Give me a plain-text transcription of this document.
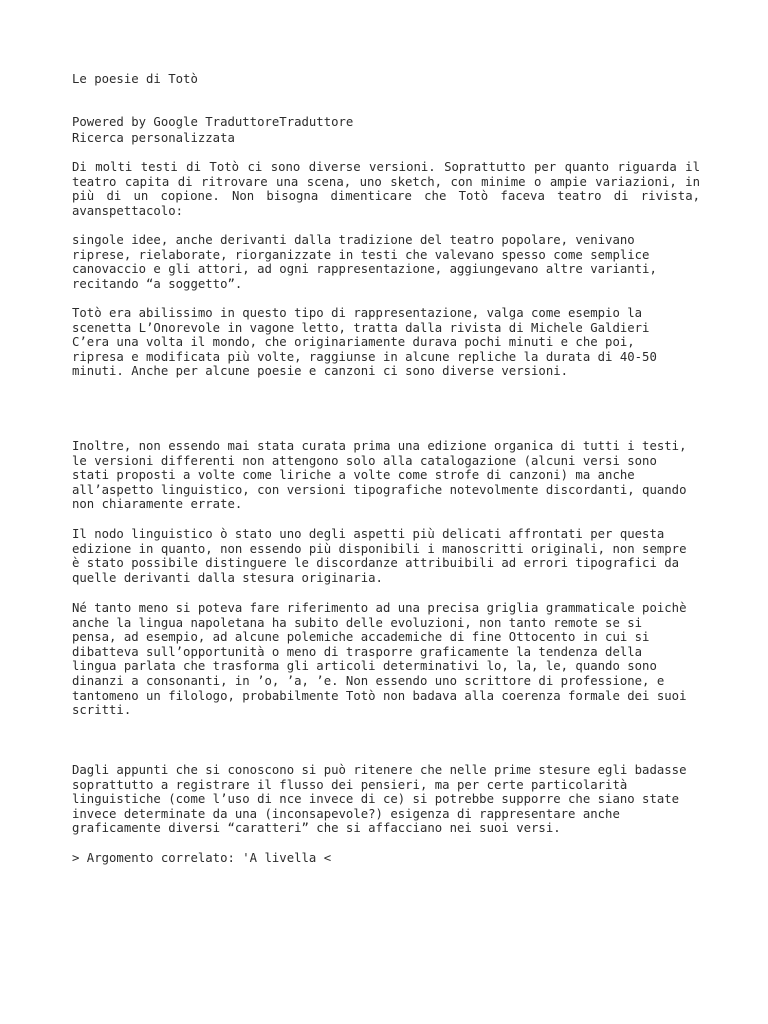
Le poesie di Totò
Powered by Google TraduttoreTraduttore
Ricerca personalizzata
Di molti testi di Totò ci sono diverse versioni. Soprattutto per quanto riguarda il
teatro capita di ritrovare una scena, uno sketch, con minime o ampie variazioni, in
più di un copione. Non bisogna dimenticare che Totò faceva teatro di rivista,
avanspettacolo:
singole idee, anche derivanti dalla tradizione del teatro popolare, venivano
riprese, rielaborate, riorganizzate in testi che valevano spesso come semplice
canovaccio e gli attori, ad ogni rappresentazione, aggiungevano altre varianti,
recitando “a soggetto”.
Totò era abilissimo in questo tipo di rappresentazione, valga come esempio la
scenetta L’Onorevole in vagone letto, tratta dalla rivista di Michele Galdieri
C’era una volta il mondo, che originariamente durava pochi minuti e che poi,
ripresa e modificata più volte, raggiunse in alcune repliche la durata di 40-50
minuti. Anche per alcune poesie e canzoni ci sono diverse versioni.
Inoltre, non essendo mai stata curata prima una edizione organica di tutti i testi,
le versioni differenti non attengono solo alla catalogazione (alcuni versi sono
stati proposti a volte come liriche a volte come strofe di canzoni) ma anche
all’aspetto linguistico, con versioni tipografiche notevolmente discordanti, quando
non chiaramente errate.
Il nodo linguistico ò stato uno degli aspetti più delicati affrontati per questa
edizione in quanto, non essendo più disponibili i manoscritti originali, non sempre
è stato possibile distinguere le discordanze attribuibili ad errori tipografici da
quelle derivanti dalla stesura originaria.
Né tanto meno si poteva fare riferimento ad una precisa griglia grammaticale poichè
anche la lingua napoletana ha subito delle evoluzioni, non tanto remote se si
pensa, ad esempio, ad alcune polemiche accademiche di fine Ottocento in cui si
dibatteva sull’opportunità o meno di trasporre graficamente la tendenza della
lingua parlata che trasforma gli articoli determinativi lo, la, le, quando sono
dinanzi a consonanti, in ’o, ’a, ’e. Non essendo uno scrittore di professione, e
tantomeno un filologo, probabilmente Totò non badava alla coerenza formale dei suoi
scritti.
Dagli appunti che si conoscono si può ritenere che nelle prime stesure egli badasse
soprattutto a registrare il flusso dei pensieri, ma per certe particolarità
linguistiche (come l’uso di nce invece di ce) si potrebbe supporre che siano state
invece determinate da una (inconsapevole?) esigenza di rappresentare anche
graficamente diversi “caratteri” che si affacciano nei suoi versi.
> Argomento correlato: 'A livella <
